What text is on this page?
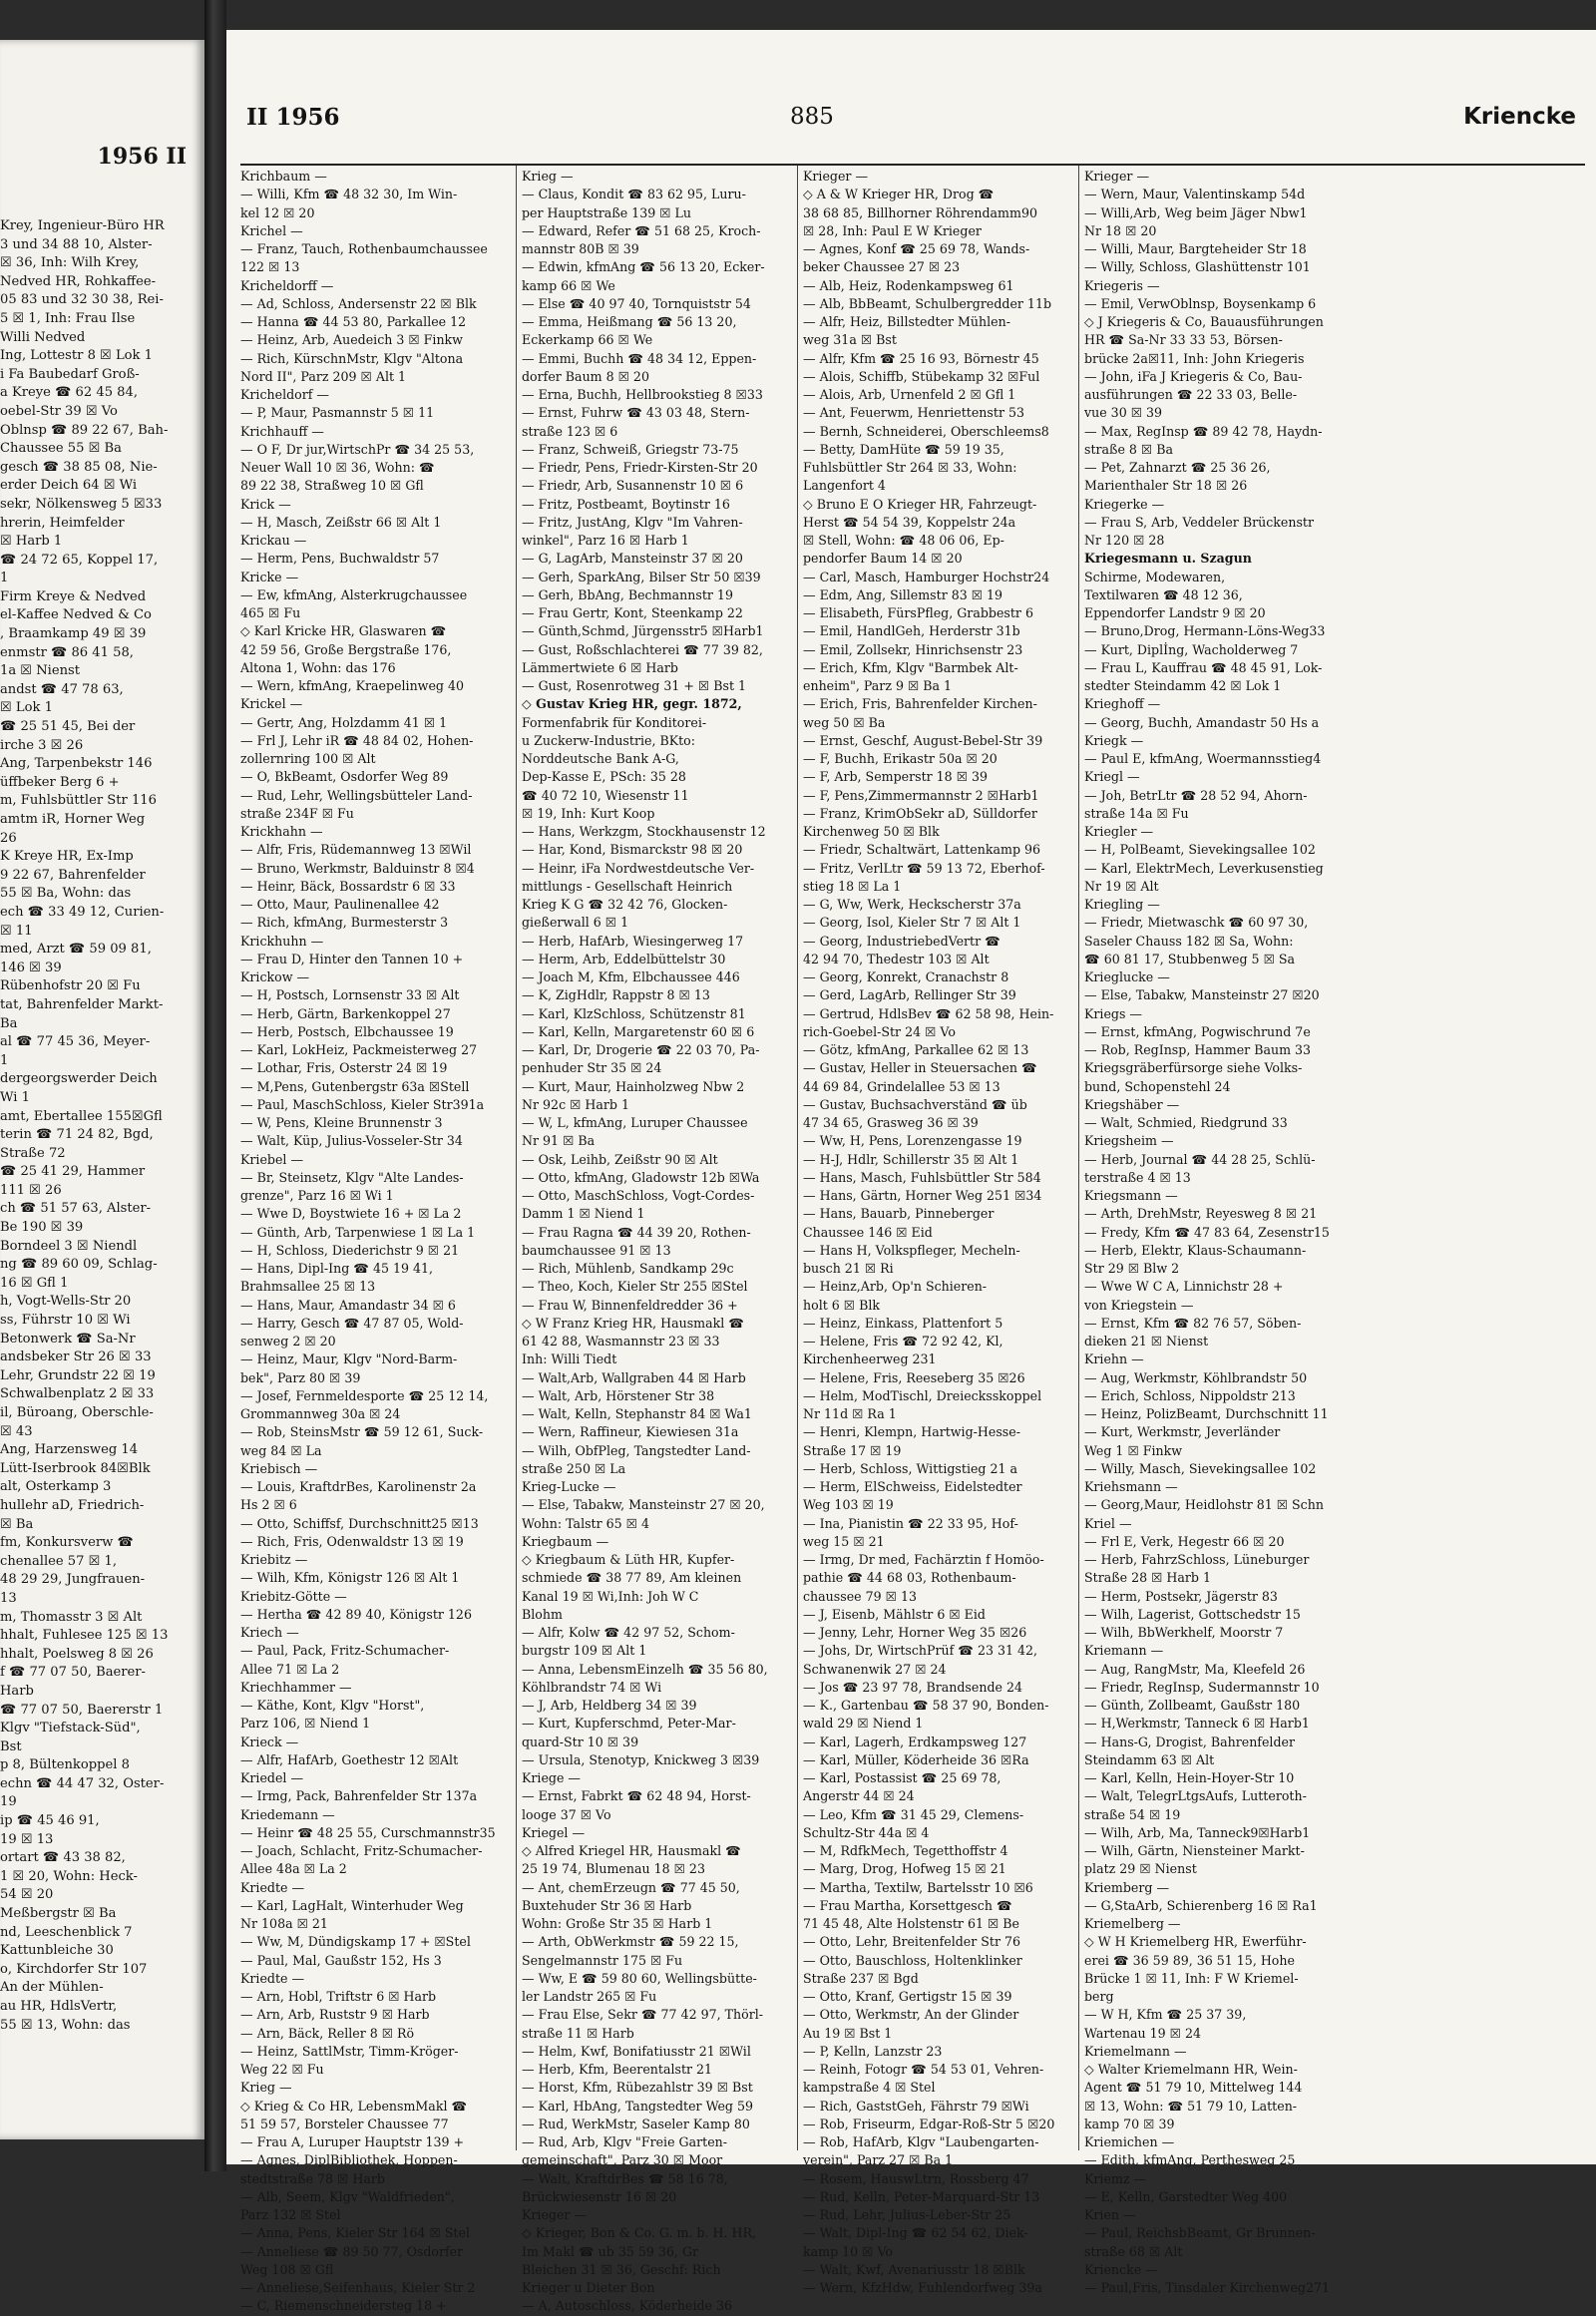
1956 II
Krey, Ingenieur-Büro HR
3 und 34 88 10, Alster-
☒ 36, Inh: Wilh Krey,
Nedved HR, Rohkaffee-
05 83 und 32 30 38, Rei-
5 ☒ 1, Inh: Frau Ilse
Willi Nedved
Ing, Lottestr 8 ☒ Lok 1
i Fa Baubedarf Groß-
a Kreye ☎ 62 45 84,
oebel-Str 39 ☒ Vo
Oblnsp ☎ 89 22 67, Bah-
Chaussee 55 ☒ Ba
gesch ☎ 38 85 08, Nie-
erder Deich 64 ☒ Wi
sekr, Nölkensweg 5 ☒33
hrerin, Heimfelder
☒ Harb 1
☎ 24 72 65, Koppel 17,
1
Firm Kreye & Nedved
el-Kaffee Nedved & Co
, Braamkamp 49 ☒ 39
enmstr ☎ 86 41 58,
1a ☒ Nienst
andst ☎ 47 78 63,
☒ Lok 1
☎ 25 51 45, Bei der
irche 3 ☒ 26
Ang, Tarpenbekstr 146
üffbeker Berg 6 +
m, Fuhlsbüttler Str 116
amtm iR, Horner Weg
26
K Kreye HR, Ex-Imp
9 22 67, Bahrenfelder
55 ☒ Ba, Wohn: das
ech ☎ 33 49 12, Curien-
☒ 11
med, Arzt ☎ 59 09 81,
146 ☒ 39
Rübenhofstr 20 ☒ Fu
tat, Bahrenfelder Markt-
Ba
al ☎ 77 45 36, Meyer-
1
dergeorgswerder Deich
Wi 1
amt, Ebertallee 155☒Gfl
terin ☎ 71 24 82, Bgd,
Straße 72
☎ 25 41 29, Hammer
111 ☒ 26
ch ☎ 51 57 63, Alster-
Be 190 ☒ 39
Borndeel 3 ☒ Niendl
ng ☎ 89 60 09, Schlag-
16 ☒ Gfl 1
h, Vogt-Wells-Str 20
ss, Führstr 10 ☒ Wi
Betonwerk ☎ Sa-Nr
andsbeker Str 26 ☒ 33
Lehr, Grundstr 22 ☒ 19
Schwalbenplatz 2 ☒ 33
il, Büroang, Oberschle-
☒ 43
Ang, Harzensweg 14
Lütt-Iserbrook 84☒Blk
alt, Osterkamp 3
hullehr aD, Friedrich-
☒ Ba
fm, Konkursverw ☎
chenallee 57 ☒ 1,
48 29 29, Jungfrauen-
13
m, Thomasstr 3 ☒ Alt
hhalt, Fuhlesee 125 ☒ 13
hhalt, Poelsweg 8 ☒ 26
f ☎ 77 07 50, Baerer-
Harb
☎ 77 07 50, Baererstr 1
Klgv "Tiefstack-Süd",
Bst
p 8, Bültenkoppel 8
echn ☎ 44 47 32, Oster-
19
ip ☎ 45 46 91,
19 ☒ 13
ortart ☎ 43 38 82,
1 ☒ 20, Wohn: Heck-
54 ☒ 20
Meßbergstr ☒ Ba
nd, Leeschenblick 7
Kattunbleiche 30
o, Kirchdorfer Str 107
An der Mühlen-
au HR, HdlsVertr,
55 ☒ 13, Wohn: das
II 1956	885	Kriencke
Krichbaum —
— Willi, Kfm ☎ 48 32 30, Im Win-
kel 12 ☒ 20
Krichel —
— Franz, Tauch, Rothenbaumchaussee
122 ☒ 13
Kricheldorff —
— Ad, Schloss, Andersenstr 22 ☒ Blk
— Hanna ☎ 44 53 80, Parkallee 12
— Heinz, Arb, Auedeich 3 ☒ Finkw
— Rich, KürschnMstr, Klgv "Altona
Nord II", Parz 209 ☒ Alt 1
Kricheldorf —
— P, Maur, Pasmannstr 5 ☒ 11
Krichhauff —
— O F, Dr jur,WirtschPr ☎ 34 25 53,
Neuer Wall 10 ☒ 36, Wohn: ☎
89 22 38, Straßweg 10 ☒ Gfl
Krick —
— H, Masch, Zeißstr 66 ☒ Alt 1
Krickau —
— Herm, Pens, Buchwaldstr 57
Kricke —
— Ew, kfmAng, Alsterkrugchaussee
465 ☒ Fu
◇ Karl Kricke HR, Glaswaren ☎
42 59 56, Große Bergstraße 176,
Altona 1, Wohn: das 176
— Wern, kfmAng, Kraepelinweg 40
Krickel —
— Gertr, Ang, Holzdamm 41 ☒ 1
— Frl J, Lehr iR ☎ 48 84 02, Hohen-
zollernring 100 ☒ Alt
— O, BkBeamt, Osdorfer Weg 89
— Rud, Lehr, Wellingsbütteler Land-
straße 234F ☒ Fu
Krickhahn —
— Alfr, Fris, Rüdemannweg 13 ☒Wil
— Bruno, Werkmstr, Balduinstr 8 ☒4
— Heinr, Bäck, Bossardstr 6 ☒ 33
— Otto, Maur, Paulinenallee 42
— Rich, kfmAng, Burmesterstr 3
Krickhuhn —
— Frau D, Hinter den Tannen 10 +
Krickow —
— H, Postsch, Lornsenstr 33 ☒ Alt
— Herb, Gärtn, Barkenkoppel 27
— Herb, Postsch, Elbchaussee 19
— Karl, LokHeiz, Packmeisterweg 27
— Lothar, Fris, Osterstr 24 ☒ 19
— M,Pens, Gutenbergstr 63a ☒Stell
— Paul, MaschSchloss, Kieler Str391a
— W, Pens, Kleine Brunnenstr 3
— Walt, Küp, Julius-Vosseler-Str 34
Kriebel —
— Br, Steinsetz, Klgv "Alte Landes-
grenze", Parz 16 ☒ Wi 1
— Wwe D, Boystwiete 16 + ☒ La 2
— Günth, Arb, Tarpenwiese 1 ☒ La 1
— H, Schloss, Diederichstr 9 ☒ 21
— Hans, Dipl-Ing ☎ 45 19 41,
Brahmsallee 25 ☒ 13
— Hans, Maur, Amandastr 34 ☒ 6
— Harry, Gesch ☎ 47 87 05, Wold-
senweg 2 ☒ 20
— Heinz, Maur, Klgv "Nord-Barm-
bek", Parz 80 ☒ 39
— Josef, Fernmeldesporte ☎ 25 12 14,
Grommannweg 30a ☒ 24
— Rob, SteinsMstr ☎ 59 12 61, Suck-
weg 84 ☒ La
Kriebisch —
— Louis, KraftdrBes, Karolinenstr 2a
Hs 2 ☒ 6
— Otto, Schiffsf, Durchschnitt25 ☒13
— Rich, Fris, Odenwaldstr 13 ☒ 19
Kriebitz —
— Wilh, Kfm, Königstr 126 ☒ Alt 1
Kriebitz-Götte —
— Hertha ☎ 42 89 40, Königstr 126
Kriech —
— Paul, Pack, Fritz-Schumacher-
Allee 71 ☒ La 2
Kriechhammer —
— Käthe, Kont, Klgv "Horst",
Parz 106, ☒ Niend 1
Krieck —
— Alfr, HafArb, Goethestr 12 ☒Alt
Kriedel —
— Irmg, Pack, Bahrenfelder Str 137a
Kriedemann —
— Heinr ☎ 48 25 55, Curschmannstr35
— Joach, Schlacht, Fritz-Schumacher-
Allee 48a ☒ La 2
Kriedte —
— Karl, LagHalt, Winterhuder Weg
Nr 108a ☒ 21
— Ww, M, Dündigskamp 17 + ☒Stel
— Paul, Mal, Gaußstr 152, Hs 3
Kriedte —
— Arn, Hobl, Triftstr 6 ☒ Harb
— Arn, Arb, Ruststr 9 ☒ Harb
— Arn, Bäck, Reller 8 ☒ Rö
— Heinz, SattlMstr, Timm-Kröger-
Weg 22 ☒ Fu
Krieg —
◇ Krieg & Co HR, LebensmMakl ☎
51 59 57, Borsteler Chaussee 77
— Frau A, Luruper Hauptstr 139 +
— Agnes, DiplBibliothek, Hoppen-
stedtstraße 78 ☒ Harb
— Alb, Seem, Klgv "Waldfrieden",
Parz 132 ☒ Stel
— Anna, Pens, Kieler Str 164 ☒ Stel
— Anneliese ☎ 89 50 77, Osdorfer
Weg 108 ☒ Gfl
— Anneliese,Seifenhaus, Kieler Str 2
— C, Riemenschneidersteg 18 +
Krieg —
— Claus, Kondit ☎ 83 62 95, Luru-
per Hauptstraße 139 ☒ Lu
— Edward, Refer ☎ 51 68 25, Kroch-
mannstr 80B ☒ 39
— Edwin, kfmAng ☎ 56 13 20, Ecker-
kamp 66 ☒ We
— Else ☎ 40 97 40, Tornquiststr 54
— Emma, Heißmang ☎ 56 13 20,
Eckerkamp 66 ☒ We
— Emmi, Buchh ☎ 48 34 12, Eppen-
dorfer Baum 8 ☒ 20
— Erna, Buchh, Hellbrookstieg 8 ☒33
— Ernst, Fuhrw ☎ 43 03 48, Stern-
straße 123 ☒ 6
— Franz, Schweiß, Griegstr 73-75
— Friedr, Pens, Friedr-Kirsten-Str 20
— Friedr, Arb, Susannenstr 10 ☒ 6
— Fritz, Postbeamt, Boytinstr 16
— Fritz, JustAng, Klgv "Im Vahren-
winkel", Parz 16 ☒ Harb 1
— G, LagArb, Mansteinstr 37 ☒ 20
— Gerh, SparkAng, Bilser Str 50 ☒39
— Gerh, BbAng, Bechmannstr 19
— Frau Gertr, Kont, Steenkamp 22
— Günth,Schmd, Jürgensstr5 ☒Harb1
— Gust, Roßschlachterei ☎ 77 39 82,
Lämmertwiete 6 ☒ Harb
— Gust, Rosenrotweg 31 + ☒ Bst 1
◇ Gustav Krieg HR, gegr. 1872,
Formenfabrik für Konditorei-
u Zuckerw-Industrie, BKto:
Norddeutsche Bank A-G,
Dep-Kasse E, PSch: 35 28
☎ 40 72 10, Wiesenstr 11
☒ 19, Inh: Kurt Koop
— Hans, Werkzgm, Stockhausenstr 12
— Har, Kond, Bismarckstr 98 ☒ 20
— Heinr, iFa Nordwestdeutsche Ver-
mittlungs - Gesellschaft Heinrich
Krieg K G ☎ 32 42 76, Glocken-
gießerwall 6 ☒ 1
— Herb, HafArb, Wiesingerweg 17
— Herm, Arb, Eddelbüttelstr 30
— Joach M, Kfm, Elbchaussee 446
— K, ZigHdlr, Rappstr 8 ☒ 13
— Karl, KlzSchloss, Schützenstr 81
— Karl, Kelln, Margaretenstr 60 ☒ 6
— Karl, Dr, Drogerie ☎ 22 03 70, Pa-
penhuder Str 35 ☒ 24
— Kurt, Maur, Hainholzweg Nbw 2
Nr 92c ☒ Harb 1
— W, L, kfmAng, Luruper Chaussee
Nr 91 ☒ Ba
— Osk, Leihb, Zeißstr 90 ☒ Alt
— Otto, kfmAng, Gladowstr 12b ☒Wa
— Otto, MaschSchloss, Vogt-Cordes-
Damm 1 ☒ Niend 1
— Frau Ragna ☎ 44 39 20, Rothen-
baumchaussee 91 ☒ 13
— Rich, Mühlenb, Sandkamp 29c
— Theo, Koch, Kieler Str 255 ☒Stel
— Frau W, Binnenfeldredder 36 +
◇ W Franz Krieg HR, Hausmakl ☎
61 42 88, Wasmannstr 23 ☒ 33
Inh: Willi Tiedt
— Walt,Arb, Wallgraben 44 ☒ Harb
— Walt, Arb, Hörstener Str 38
— Walt, Kelln, Stephanstr 84 ☒ Wa1
— Wern, Raffineur, Kiewiesen 31a
— Wilh, ObfPleg, Tangstedter Land-
straße 250 ☒ La
Krieg-Lucke —
— Else, Tabakw, Mansteinstr 27 ☒ 20,
Wohn: Talstr 65 ☒ 4
Kriegbaum —
◇ Kriegbaum & Lüth HR, Kupfer-
schmiede ☎ 38 77 89, Am kleinen
Kanal 19 ☒ Wi,Inh: Joh W C
Blohm
— Alfr, Kolw ☎ 42 97 52, Schom-
burgstr 109 ☒ Alt 1
— Anna, LebensmEinzelh ☎ 35 56 80,
Köhlbrandstr 74 ☒ Wi
— J, Arb, Heldberg 34 ☒ 39
— Kurt, Kupferschmd, Peter-Mar-
quard-Str 10 ☒ 39
— Ursula, Stenotyp, Knickweg 3 ☒39
Kriege —
— Ernst, Fabrkt ☎ 62 48 94, Horst-
looge 37 ☒ Vo
Kriegel —
◇ Alfred Kriegel HR, Hausmakl ☎
25 19 74, Blumenau 18 ☒ 23
— Ant, chemErzeugn ☎ 77 45 50,
Buxtehuder Str 36 ☒ Harb
Wohn: Große Str 35 ☒ Harb 1
— Arth, ObWerkmstr ☎ 59 22 15,
Sengelmannstr 175 ☒ Fu
— Ww, E ☎ 59 80 60, Wellingsbütte-
ler Landstr 265 ☒ Fu
— Frau Else, Sekr ☎ 77 42 97, Thörl-
straße 11 ☒ Harb
— Helm, Kwf, Bonifatiusstr 21 ☒Wil
— Herb, Kfm, Beerentalstr 21
— Horst, Kfm, Rübezahlstr 39 ☒ Bst
— Karl, HbAng, Tangstedter Weg 59
— Rud, WerkMstr, Saseler Kamp 80
— Rud, Arb, Klgv "Freie Garten-
gemeinschaft", Parz 30 ☒ Moor
— Walt, KraftdrBes ☎ 58 16 78,
Brückwiesenstr 16 ☒ 20
Krieger —
◇ Krieger, Bon & Co. G. m. b. H. HR,
Im Makl ☎ ub 35 59 36, Gr
Bleichen 31 ☒ 36, Geschf: Rich
Krieger u Dieter Bon
— A, Autoschloss, Köderheide 36
Krieger —
◇ A & W Krieger HR, Drog ☎
38 68 85, Billhorner Röhrendamm90
☒ 28, Inh: Paul E W Krieger
— Agnes, Konf ☎ 25 69 78, Wands-
beker Chaussee 27 ☒ 23
— Alb, Heiz, Rodenkampsweg 61
— Alb, BbBeamt, Schulbergredder 11b
— Alfr, Heiz, Billstedter Mühlen-
weg 31a ☒ Bst
— Alfr, Kfm ☎ 25 16 93, Börnestr 45
— Alois, Schiffb, Stübekamp 32 ☒Ful
— Alois, Arb, Urnenfeld 2 ☒ Gfl 1
— Ant, Feuerwm, Henriettenstr 53
— Bernh, Schneiderei, Oberschleems8
— Betty, DamHüte ☎ 59 19 35,
Fuhlsbüttler Str 264 ☒ 33, Wohn:
Langenfort 4
◇ Bruno E O Krieger HR, Fahrzeugt-
Herst ☎ 54 54 39, Koppelstr 24a
☒ Stell, Wohn: ☎ 48 06 06, Ep-
pendorfer Baum 14 ☒ 20
— Carl, Masch, Hamburger Hochstr24
— Edm, Ang, Sillemstr 83 ☒ 19
— Elisabeth, FürsPfleg, Grabbestr 6
— Emil, HandlGeh, Herderstr 31b
— Emil, Zollsekr, Hinrichsenstr 23
— Erich, Kfm, Klgv "Barmbek Alt-
enheim", Parz 9 ☒ Ba 1
— Erich, Fris, Bahrenfelder Kirchen-
weg 50 ☒ Ba
— Ernst, Geschf, August-Bebel-Str 39
— F, Buchh, Erikastr 50a ☒ 20
— F, Arb, Semperstr 18 ☒ 39
— F, Pens,Zimmermannstr 2 ☒Harb1
— Franz, KrimObSekr aD, Sülldorfer
Kirchenweg 50 ☒ Blk
— Friedr, Schaltwärt, Lattenkamp 96
— Fritz, VerlLtr ☎ 59 13 72, Eberhof-
stieg 18 ☒ La 1
— G, Ww, Werk, Heckscherstr 37a
— Georg, Isol, Kieler Str 7 ☒ Alt 1
— Georg, IndustriebedVertr ☎
42 94 70, Thedestr 103 ☒ Alt
— Georg, Konrekt, Cranachstr 8
— Gerd, LagArb, Rellinger Str 39
— Gertrud, HdlsBev ☎ 62 58 98, Hein-
rich-Goebel-Str 24 ☒ Vo
— Götz, kfmAng, Parkallee 62 ☒ 13
— Gustav, Heller in Steuersachen ☎
44 69 84, Grindelallee 53 ☒ 13
— Gustav, Buchsachverständ ☎ üb
47 34 65, Grasweg 36 ☒ 39
— Ww, H, Pens, Lorenzengasse 19
— H-J, Hdlr, Schillerstr 35 ☒ Alt 1
— Hans, Masch, Fuhlsbüttler Str 584
— Hans, Gärtn, Horner Weg 251 ☒34
— Hans, Bauarb, Pinneberger
Chaussee 146 ☒ Eid
— Hans H, Volkspfleger, Mecheln-
busch 21 ☒ Ri
— Heinz,Arb, Op'n Schieren-
holt 6 ☒ Blk
— Heinz, Einkass, Plattenfort 5
— Helene, Fris ☎ 72 92 42, Kl,
Kirchenheerweg 231
— Helene, Fris, Reeseberg 35 ☒26
— Helm, ModTischl, Dreiecksskoppel
Nr 11d ☒ Ra 1
— Henri, Klempn, Hartwig-Hesse-
Straße 17 ☒ 19
— Herb, Schloss, Wittigstieg 21 a
— Herm, ElSchweiss, Eidelstedter
Weg 103 ☒ 19
— Ina, Pianistin ☎ 22 33 95, Hof-
weg 15 ☒ 21
— Irmg, Dr med, Fachärztin f Homöo-
pathie ☎ 44 68 03, Rothenbaum-
chaussee 79 ☒ 13
— J, Eisenb, Mählstr 6 ☒ Eid
— Jenny, Lehr, Horner Weg 35 ☒26
— Johs, Dr, WirtschPrüf ☎ 23 31 42,
Schwanenwik 27 ☒ 24
— Jos ☎ 23 97 78, Brandsende 24
— K., Gartenbau ☎ 58 37 90, Bonden-
wald 29 ☒ Niend 1
— Karl, Lagerh, Erdkampsweg 127
— Karl, Müller, Köderheide 36 ☒Ra
— Karl, Postassist ☎ 25 69 78,
Angerstr 44 ☒ 24
— Leo, Kfm ☎ 31 45 29, Clemens-
Schultz-Str 44a ☒ 4
— M, RdfkMech, Tegetthoffstr 4
— Marg, Drog, Hofweg 15 ☒ 21
— Martha, Textilw, Bartelsstr 10 ☒6
— Frau Martha, Korsettgesch ☎
71 45 48, Alte Holstenstr 61 ☒ Be
— Otto, Lehr, Breitenfelder Str 76
— Otto, Bauschloss, Holtenklinker
Straße 237 ☒ Bgd
— Otto, Kranf, Gertigstr 15 ☒ 39
— Otto, Werkmstr, An der Glinder
Au 19 ☒ Bst 1
— P, Kelln, Lanzstr 23
— Reinh, Fotogr ☎ 54 53 01, Vehren-
kampstraße 4 ☒ Stel
— Rich, GaststGeh, Fährstr 79 ☒Wi
— Rob, Friseurm, Edgar-Roß-Str 5 ☒20
— Rob, HafArb, Klgv "Laubengarten-
verein", Parz 27 ☒ Ba 1
— Rosem, HauswLtrn, Rossberg 47
— Rud, Kelln, Peter-Marquard-Str 13
— Rud, Lehr, Julius-Leber-Str 25
— Walt, Dipl-Ing ☎ 62 54 62, Diek-
kamp 10 ☒ Vo
— Walt, Kwf, Avenariusstr 18 ☒Blk
— Wern, KfzHdw, Fuhlendorfweg 39a
Krieger —
— Wern, Maur, Valentinskamp 54d
— Willi,Arb, Weg beim Jäger Nbw1
Nr 18 ☒ 20
— Willi, Maur, Bargteheider Str 18
— Willy, Schloss, Glashüttenstr 101
Kriegeris —
— Emil, VerwOblnsp, Boysenkamp 6
◇ J Kriegeris & Co, Bauausführungen
HR ☎ Sa-Nr 33 33 53, Börsen-
brücke 2a☒11, Inh: John Kriegeris
— John, iFa J Kriegeris & Co, Bau-
ausführungen ☎ 22 33 03, Belle-
vue 30 ☒ 39
— Max, RegInsp ☎ 89 42 78, Haydn-
straße 8 ☒ Ba
— Pet, Zahnarzt ☎ 25 36 26,
Marienthaler Str 18 ☒ 26
Kriegerke —
— Frau S, Arb, Veddeler Brückenstr
Nr 120 ☒ 28
Kriegesmann u. Szagun
Schirme, Modewaren,
Textilwaren ☎ 48 12 36,
Eppendorfer Landstr 9 ☒ 20
— Bruno,Drog, Hermann-Löns-Weg33
— Kurt, Diplİng, Wacholderweg 7
— Frau L, Kauffrau ☎ 48 45 91, Lok-
stedter Steindamm 42 ☒ Lok 1
Krieghoff —
— Georg, Buchh, Amandastr 50 Hs a
Kriegk —
— Paul E, kfmAng, Woermannsstieg4
Kriegl —
— Joh, BetrLtr ☎ 28 52 94, Ahorn-
straße 14a ☒ Fu
Kriegler —
— H, PolBeamt, Sievekingsallee 102
— Karl, ElektrMech, Leverkusenstieg
Nr 19 ☒ Alt
Kriegling —
— Friedr, Mietwaschk ☎ 60 97 30,
Saseler Chauss 182 ☒ Sa, Wohn:
☎ 60 81 17, Stubbenweg 5 ☒ Sa
Krieglucke —
— Else, Tabakw, Mansteinstr 27 ☒20
Kriegs —
— Ernst, kfmAng, Pogwischrund 7e
— Rob, RegInsp, Hammer Baum 33
Kriegsgräberfürsorge siehe Volks-
bund, Schopenstehl 24
Kriegshäber —
— Walt, Schmied, Riedgrund 33
Kriegsheim —
— Herb, Journal ☎ 44 28 25, Schlü-
terstraße 4 ☒ 13
Kriegsmann —
— Arth, DrehMstr, Reyesweg 8 ☒ 21
— Fredy, Kfm ☎ 47 83 64, Zesenstr15
— Herb, Elektr, Klaus-Schaumann-
Str 29 ☒ Blw 2
— Wwe W C A, Linnichstr 28 +
von Kriegstein —
— Ernst, Kfm ☎ 82 76 57, Söben-
dieken 21 ☒ Nienst
Kriehn —
— Aug, Werkmstr, Köhlbrandstr 50
— Erich, Schloss, Nippoldstr 213
— Heinz, PolizBeamt, Durchschnitt 11
— Kurt, Werkmstr, Jeverländer
Weg 1 ☒ Finkw
— Willy, Masch, Sievekingsallee 102
Kriehsmann —
— Georg,Maur, Heidlohstr 81 ☒ Schn
Kriel —
— Frl E, Verk, Hegestr 66 ☒ 20
— Herb, FahrzSchloss, Lüneburger
Straße 28 ☒ Harb 1
— Herm, Postsekr, Jägerstr 83
— Wilh, Lagerist, Gottschedstr 15
— Wilh, BbWerkhelf, Moorstr 7
Kriemann —
— Aug, RangMstr, Ma, Kleefeld 26
— Friedr, RegInsp, Sudermannstr 10
— Günth, Zollbeamt, Gaußstr 180
— H,Werkmstr, Tanneck 6 ☒ Harb1
— Hans-G, Drogist, Bahrenfelder
Steindamm 63 ☒ Alt
— Karl, Kelln, Hein-Hoyer-Str 10
— Walt, TelegrLtgsAufs, Lutteroth-
straße 54 ☒ 19
— Wilh, Arb, Ma, Tanneck9☒Harb1
— Wilh, Gärtn, Niensteiner Markt-
platz 29 ☒ Nienst
Kriemberg —
— G,StaArb, Schierenberg 16 ☒ Ra1
Kriemelberg —
◇ W H Kriemelberg HR, Ewerführ-
erei ☎ 36 59 89, 36 51 15, Hohe
Brücke 1 ☒ 11, Inh: F W Kriemel-
berg
— W H, Kfm ☎ 25 37 39,
Wartenau 19 ☒ 24
Kriemelmann —
◇ Walter Kriemelmann HR, Wein-
Agent ☎ 51 79 10, Mittelweg 144
☒ 13, Wohn: ☎ 51 79 10, Latten-
kamp 70 ☒ 39
Kriemichen —
— Edith, kfmAng, Perthesweg 25
Kriemz —
— E, Kelln, Garstedter Weg 400
Krien —
— Paul, ReichsbBeamt, Gr Brunnen-
straße 68 ☒ Alt
Kriencke —
— Paul,Fris, Tinsdaler Kirchenweg271
